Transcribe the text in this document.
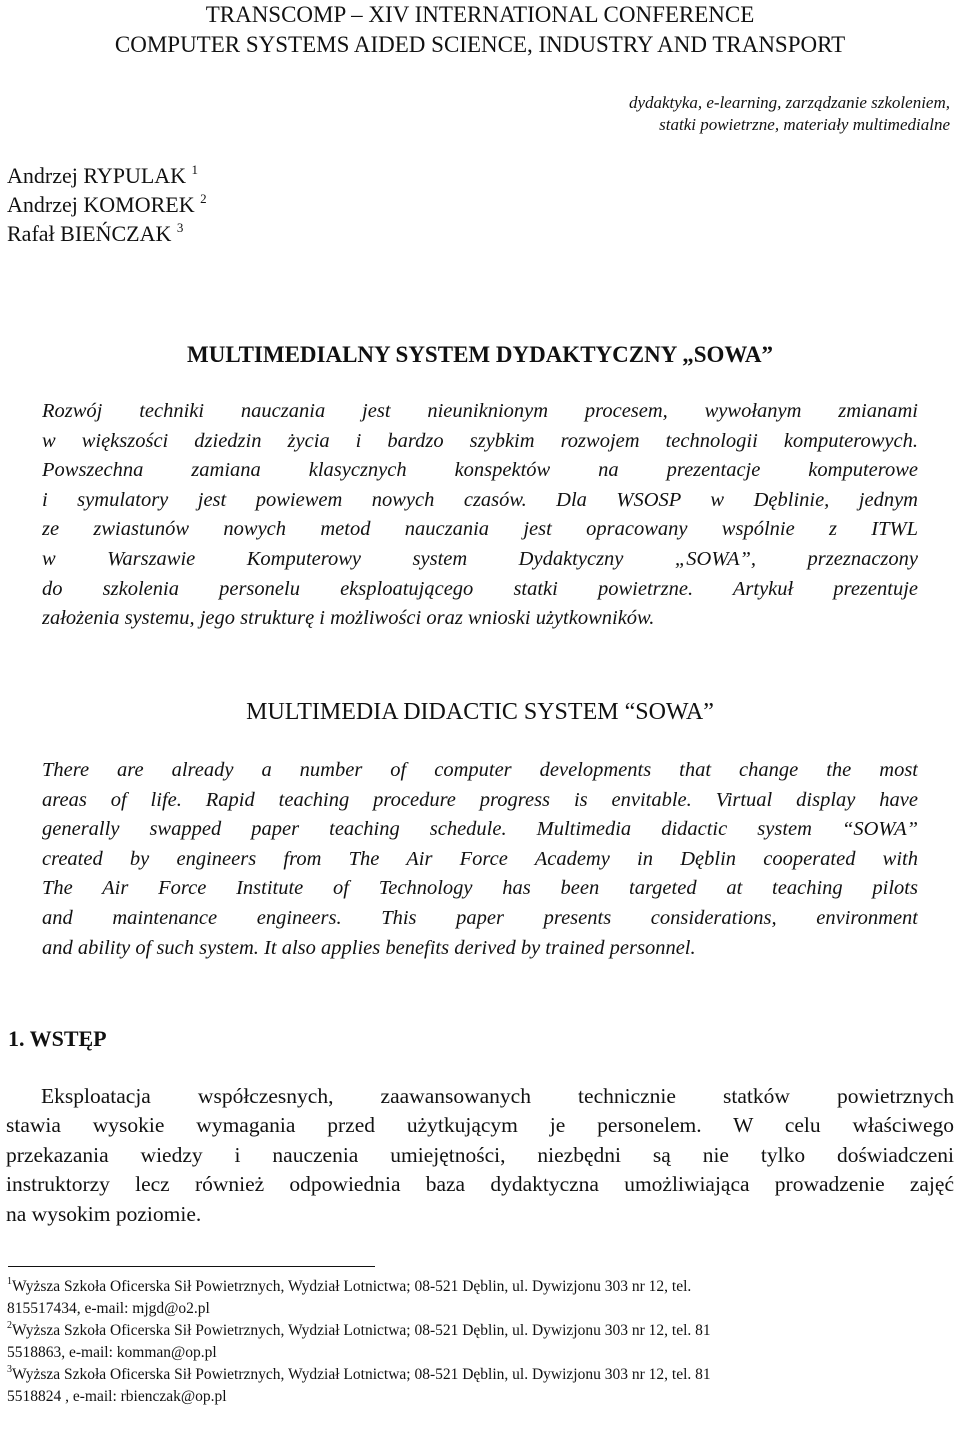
TRANSCOMP – XIV INTERNATIONAL CONFERENCE
COMPUTER SYSTEMS AIDED SCIENCE, INDUSTRY AND TRANSPORT
dydaktyka, e-learning, zarządzanie szkoleniem,
statki powietrzne, materiały multimedialne
Andrzej RYPULAK $^1$
Andrzej KOMOREK $^2$
Rafał BIEŃCZAK $^3$
MULTIMEDIALNY SYSTEM DYDAKTYCZNY „SOWA”
Rozwój techniki nauczania jest nieuniknionym procesem, wywołanym zmianami
w większości dziedzin życia i bardzo szybkim rozwojem technologii komputerowych.
Powszechna zamiana klasycznych konspektów na prezentacje komputerowe
i symulatory jest powiewem nowych czasów. Dla WSOSP w Dęblinie, jednym
ze zwiastunów nowych metod nauczania jest opracowany wspólnie z ITWL
w Warszawie Komputerowy system Dydaktyczny „SOWA”, przeznaczony
do szkolenia personelu eksploatującego statki powietrzne. Artykuł prezentuje
założenia systemu, jego strukturę i możliwości oraz wnioski użytkowników.
MULTIMEDIA DIDACTIC SYSTEM “SOWA”
There are already a number of computer developments that change the most
areas of life. Rapid teaching procedure progress is envitable. Virtual display have
generally swapped paper teaching schedule. Multimedia didactic system “SOWA”
created by engineers from The Air Force Academy in Dęblin cooperated with
The Air Force Institute of Technology has been targeted at teaching pilots
and maintenance engineers. This paper presents considerations, environment
and ability of such system. It also applies benefits derived by trained personnel.
1. WSTĘP
Eksploatacja współczesnych, zaawansowanych technicznie statków powietrznych
stawia wysokie wymagania przed użytkującym je personelem. W celu właściwego
przekazania wiedzy i nauczenia umiejętności, niezbędni są nie tylko doświadczeni
instruktorzy lecz również odpowiednia baza dydaktyczna umożliwiająca prowadzenie zajęć
na wysokim poziomie.
$^1$Wyższa Szkoła Oficerska Sił Powietrznych, Wydział Lotnictwa; 08-521 Dęblin, ul. Dywizjonu 303 nr 12, tel.
815517434, e-mail: mjgd@o2.pl
$^2$Wyższa Szkoła Oficerska Sił Powietrznych, Wydział Lotnictwa; 08-521 Dęblin, ul. Dywizjonu 303 nr 12, tel. 81
5518863, e-mail: komman@op.pl
$^3$Wyższa Szkoła Oficerska Sił Powietrznych, Wydział Lotnictwa; 08-521 Dęblin, ul. Dywizjonu 303 nr 12, tel. 81
5518824 , e-mail: rbienczak@op.pl
